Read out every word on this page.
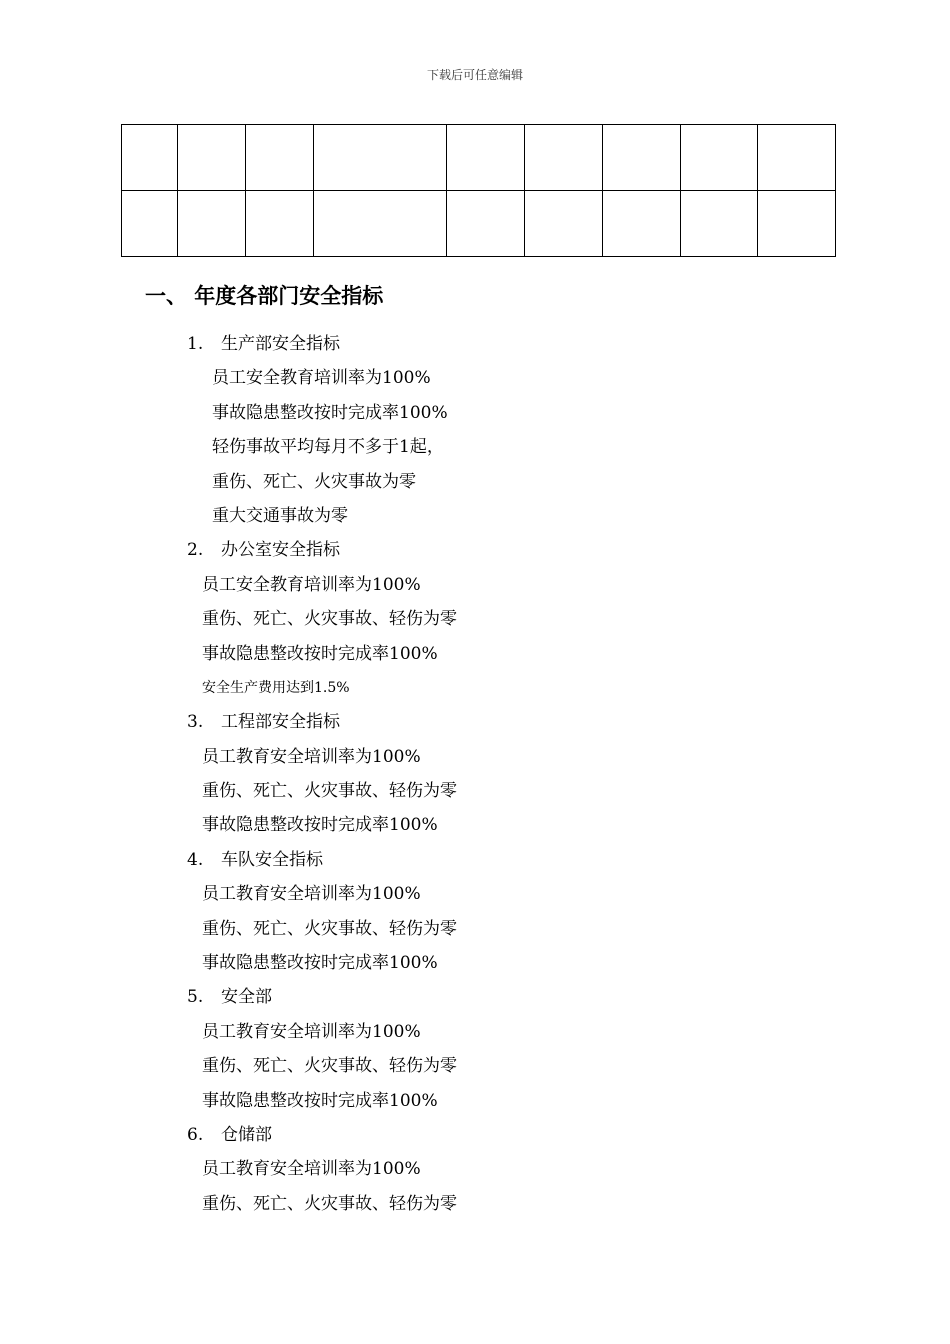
下载后可任意编辑

一、 年度各部门安全指标
1. 生产部安全指标
员工安全教育培训率为100%
事故隐患整改按时完成率100%
轻伤事故平均每月不多于1起，
重伤、死亡、火灾事故为零
重大交通事故为零
2. 办公室安全指标
员工安全教育培训率为100%
重伤、死亡、火灾事故、轻伤为零
事故隐患整改按时完成率100%
安全生产费用达到1.5%
3. 工程部安全指标
员工教育安全培训率为100%
重伤、死亡、火灾事故、轻伤为零
事故隐患整改按时完成率100%
4. 车队安全指标
员工教育安全培训率为100%
重伤、死亡、火灾事故、轻伤为零
事故隐患整改按时完成率100%
5. 安全部
员工教育安全培训率为100%
重伤、死亡、火灾事故、轻伤为零
事故隐患整改按时完成率100%
6. 仓储部
员工教育安全培训率为100%
重伤、死亡、火灾事故、轻伤为零
